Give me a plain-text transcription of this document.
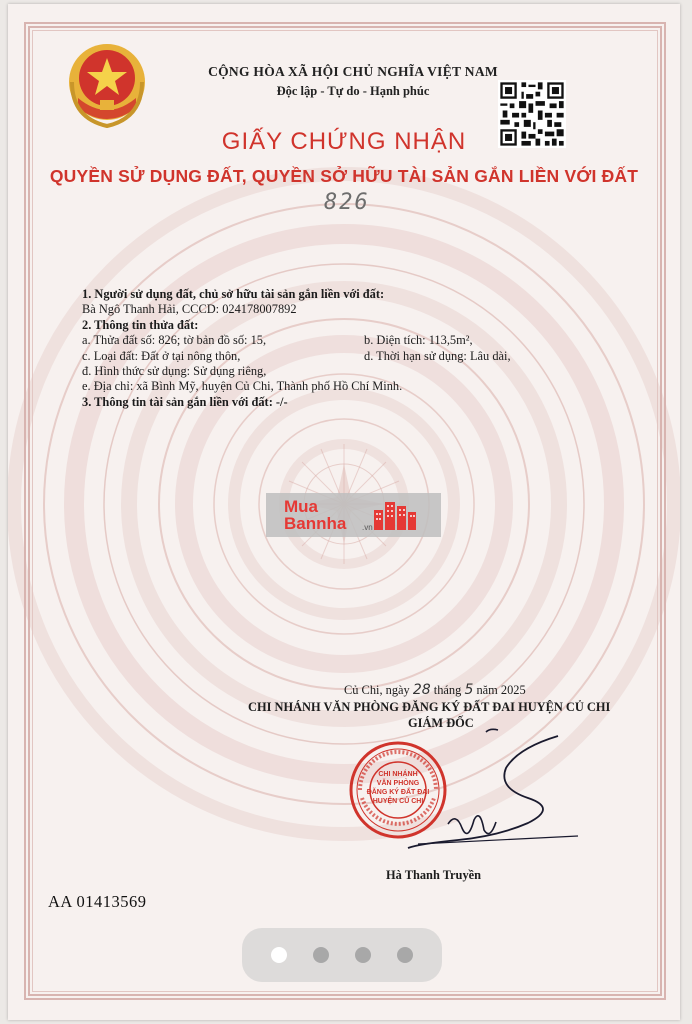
CỘNG HÒA XÃ HỘI CHỦ NGHĨA VIỆT NAM
Độc lập - Tự do - Hạnh phúc
GIẤY CHỨNG NHẬN
QUYỀN SỬ DỤNG ĐẤT, QUYỀN SỞ HỮU TÀI SẢN GẮN LIỀN VỚI ĐẤT
826
1. Người sử dụng đất, chủ sở hữu tài sản gắn liền với đất:
Bà Ngô Thanh Hải, CCCD: 024178007892
2. Thông tin thửa đất:
a. Thửa đất số: 826; tờ bản đồ số: 15,	b. Diện tích: 113,5m²,
c. Loại đất: Đất ở tại nông thôn,	d. Thời hạn sử dụng: Lâu dài,
đ. Hình thức sử dụng: Sử dụng riêng,
e. Địa chỉ: xã Bình Mỹ, huyện Củ Chi, Thành phố Hồ Chí Minh.
3. Thông tin tài sản gắn liền với đất: -/-
Mua
Bannha .vn
Củ Chi, ngày 28 tháng 5 năm 2025
CHI NHÁNH VĂN PHÒNG ĐĂNG KÝ ĐẤT ĐAI HUYỆN CỦ CHI
GIÁM ĐỐC
CHI NHÁNH
VĂN PHÒNG
ĐĂNG KÝ ĐẤT ĐAI
HUYỆN CỦ CHI
Hà Thanh Truyền
AA 01413569
